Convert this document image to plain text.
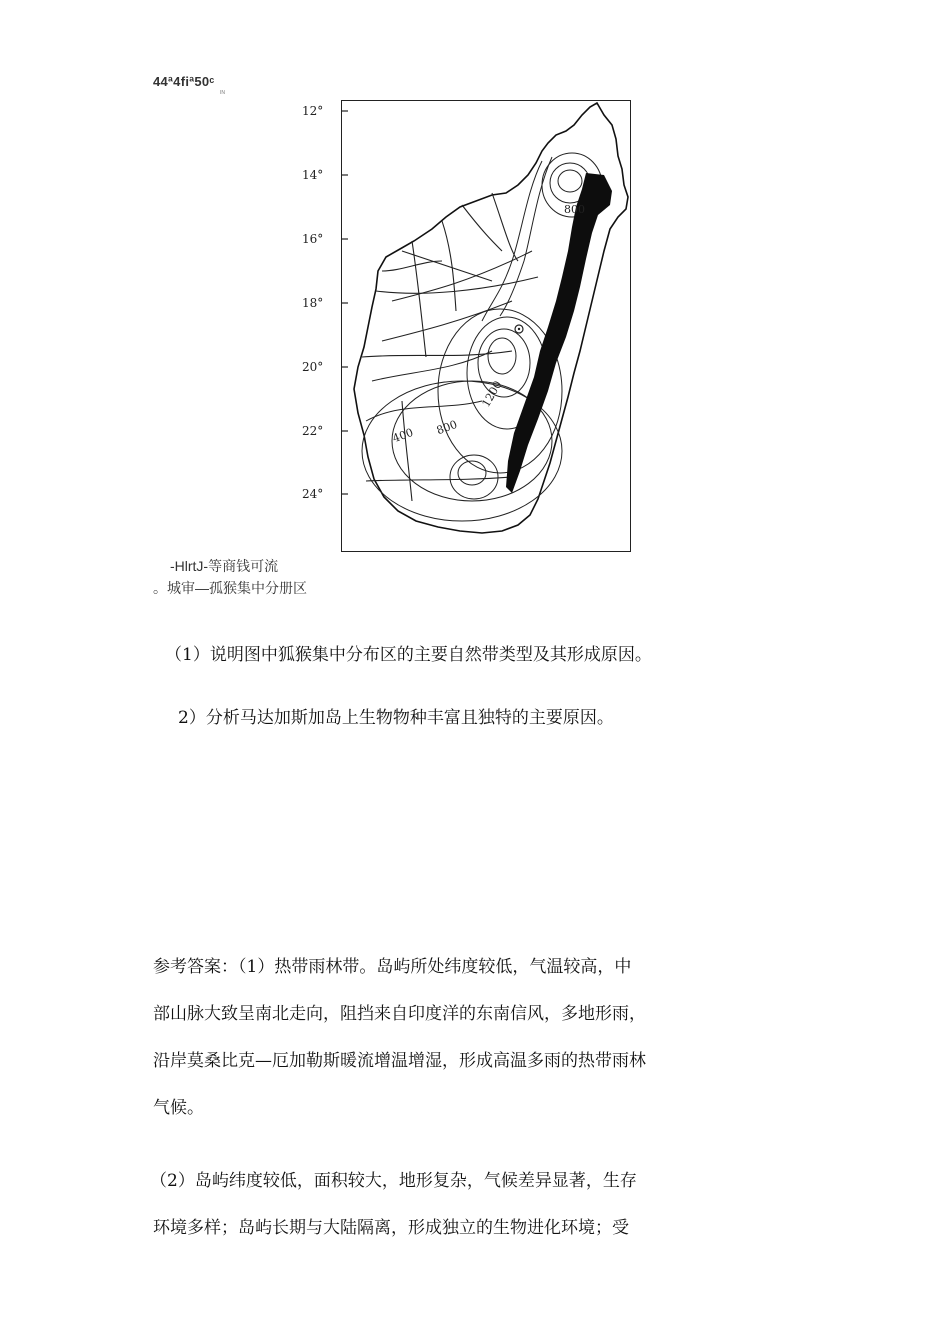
44ª4fiª50ᶜ
IN
12°
14°
16°
18°
20°
22°
24°
800
1200
800
400
-HlrtJ-等商钱可流
。城审—孤猴集中分册区
（1）说明图中狐猴集中分布区的主要自然带类型及其形成原因。
2）分析马达加斯加岛上生物物种丰富且独特的主要原因。

参考答案：（1）热带雨林带。岛屿所处纬度较低，气温较高，中

部山脉大致呈南北走向，阻挡来自印度洋的东南信风，多地形雨，

沿岸莫桑比克—厄加勒斯暖流增温增湿，形成高温多雨的热带雨林

气候。

（2）岛屿纬度较低，面积较大，地形复杂，气候差异显著，生存

环境多样；岛屿长期与大陆隔离，形成独立的生物进化环境；受
